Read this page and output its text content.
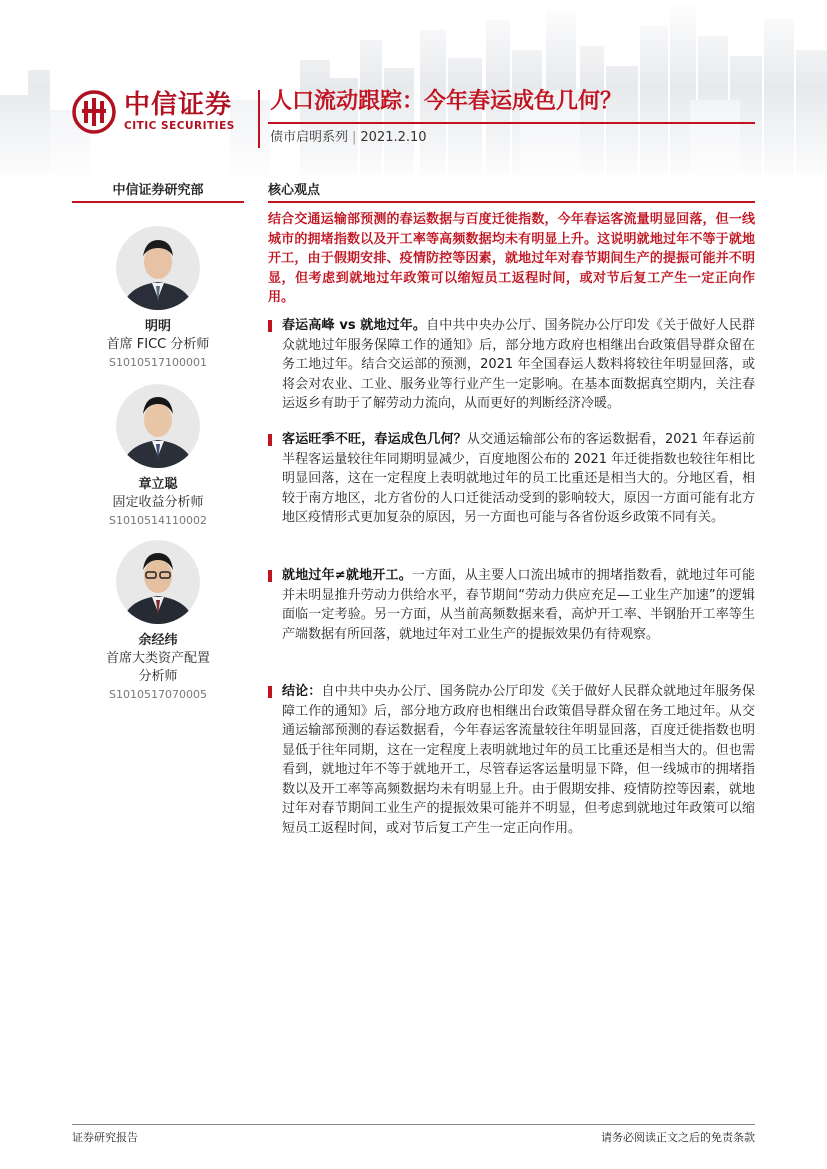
中信证券
CITIC SECURITIES
人口流动跟踪：今年春运成色几何？
债市启明系列 | 2021.2.10
中信证券研究部
明明
首席 FICC 分析师
S1010517100001
章立聪
固定收益分析师
S1010514110002
余经纬
首席大类资产配置
分析师
S1010517070005
核心观点
结合交通运输部预测的春运数据与百度迁徙指数，今年春运客流量明显回落，但一线城市的拥堵指数以及开工率等高频数据均未有明显上升。这说明就地过年不等于就地开工，由于假期安排、疫情防控等因素，就地过年对春节期间生产的提振可能并不明显，但考虑到就地过年政策可以缩短员工返程时间，或对节后复工产生一定正向作用。
春运高峰 vs 就地过年。自中共中央办公厅、国务院办公厅印发《关于做好人民群众就地过年服务保障工作的通知》后，部分地方政府也相继出台政策倡导群众留在务工地过年。结合交运部的预测，2021 年全国春运人数料将较往年明显回落，或将会对农业、工业、服务业等行业产生一定影响。在基本面数据真空期内，关注春运返乡有助于了解劳动力流向，从而更好的判断经济冷暖。
客运旺季不旺，春运成色几何？从交通运输部公布的客运数据看，2021 年春运前半程客运量较往年同期明显减少，百度地图公布的 2021 年迁徙指数也较往年相比明显回落，这在一定程度上表明就地过年的员工比重还是相当大的。分地区看，相较于南方地区，北方省份的人口迁徙活动受到的影响较大，原因一方面可能有北方地区疫情形式更加复杂的原因，另一方面也可能与各省份返乡政策不同有关。
就地过年≠就地开工。一方面，从主要人口流出城市的拥堵指数看，就地过年可能并未明显推升劳动力供给水平，春节期间“劳动力供应充足—工业生产加速”的逻辑面临一定考验。另一方面，从当前高频数据来看，高炉开工率、半钢胎开工率等生产端数据有所回落，就地过年对工业生产的提振效果仍有待观察。
结论：自中共中央办公厅、国务院办公厅印发《关于做好人民群众就地过年服务保障工作的通知》后，部分地方政府也相继出台政策倡导群众留在务工地过年。从交通运输部预测的春运数据看，今年春运客流量较往年明显回落，百度迁徙指数也明显低于往年同期，这在一定程度上表明就地过年的员工比重还是相当大的。但也需看到，就地过年不等于就地开工，尽管春运客运量明显下降，但一线城市的拥堵指数以及开工率等高频数据均未有明显上升。由于假期安排、疫情防控等因素，就地过年对春节期间工业生产的提振效果可能并不明显，但考虑到就地过年政策可以缩短员工返程时间，或对节后复工产生一定正向作用。
证券研究报告	请务必阅读正文之后的免责条款
